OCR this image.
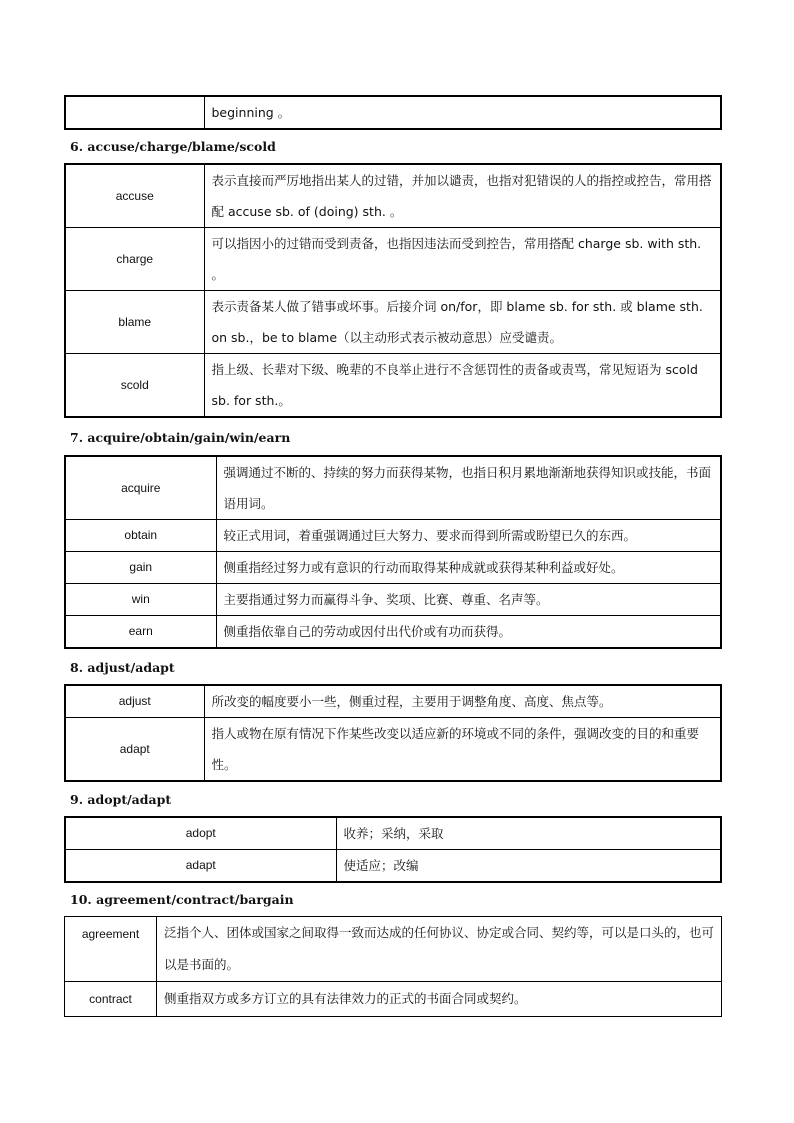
	beginning 。
6. accuse/charge/blame/scold
accuse	表示直接而严厉地指出某人的过错，并加以谴责，也指对犯错误的人的指控或控告，常用搭配 accuse sb. of (doing) sth. 。
charge	可以指因小的过错而受到责备，也指因违法而受到控告，常用搭配 charge sb. with sth. 。
blame	表示责备某人做了错事或坏事。后接介词 on/for，即 blame sb. for sth. 或 blame sth. on sb.，be to blame（以主动形式表示被动意思）应受谴责。
scold	指上级、长辈对下级、晚辈的不良举止进行不含惩罚性的责备或责骂，常见短语为 scold sb. for sth.。
7. acquire/obtain/gain/win/earn
acquire	强调通过不断的、持续的努力而获得某物，也指日积月累地渐渐地获得知识或技能，书面语用词。
obtain	较正式用词，着重强调通过巨大努力、要求而得到所需或盼望已久的东西。
gain	侧重指经过努力或有意识的行动而取得某种成就或获得某种利益或好处。
win	主要指通过努力而赢得斗争、奖项、比赛、尊重、名声等。
earn	侧重指依靠自己的劳动或因付出代价或有功而获得。
8. adjust/adapt
adjust	所改变的幅度要小一些，侧重过程，主要用于调整角度、高度、焦点等。
adapt	指人或物在原有情况下作某些改变以适应新的环境或不同的条件，强调改变的目的和重要性。
9. adopt/adapt
adopt	收养；采纳，采取
adapt	使适应；改编
10. agreement/contract/bargain
agreement	泛指个人、团体或国家之间取得一致而达成的任何协议、协定或合同、契约等，可以是口头的，也可以是书面的。
contract	侧重指双方或多方订立的具有法律效力的正式的书面合同或契约。
